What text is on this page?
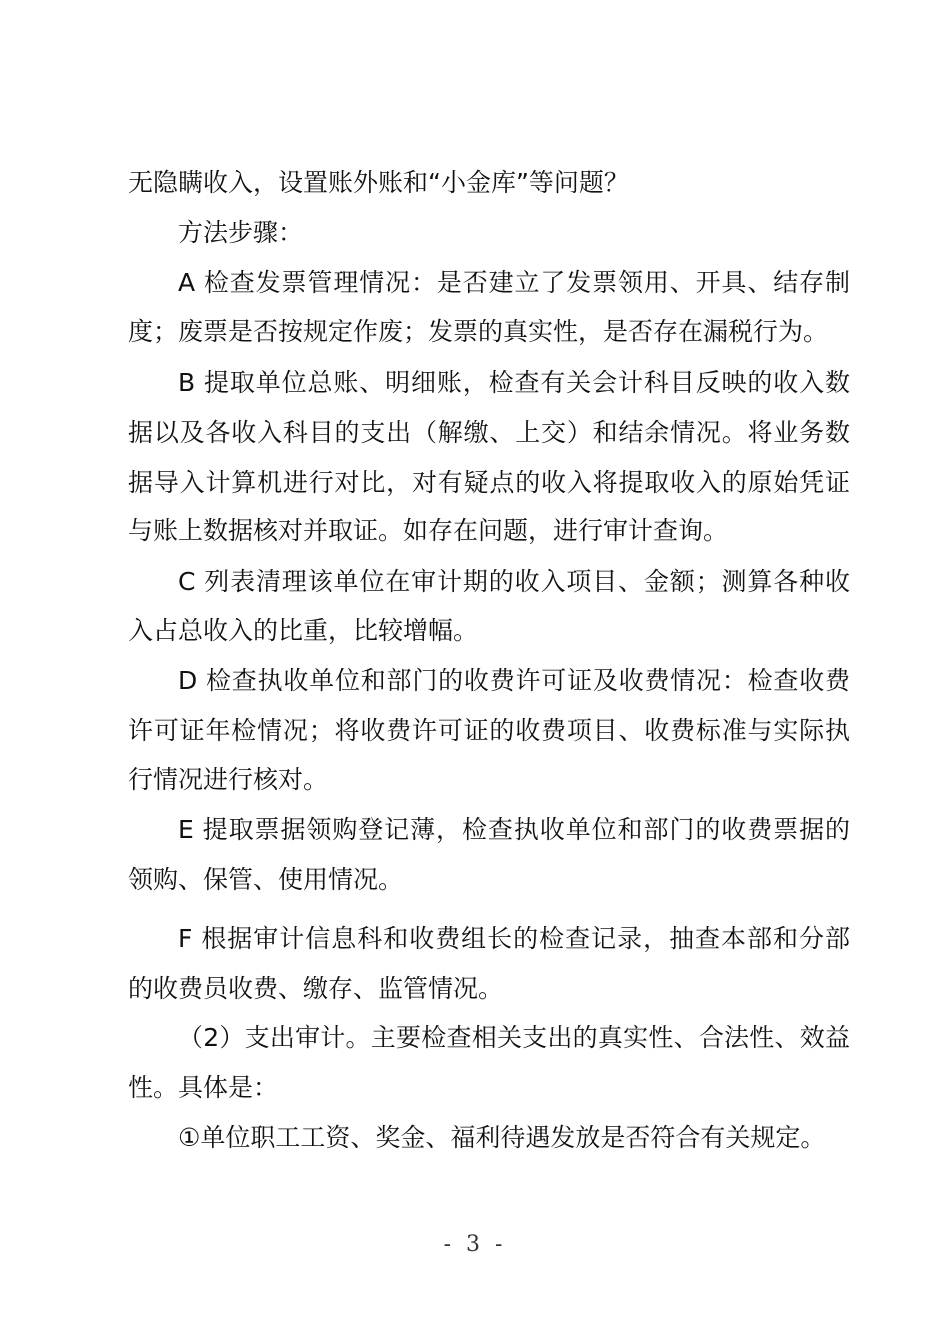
无隐瞒收入，设置账外账和“小金库”等问题？
方法步骤：
A 检查发票管理情况：是否建立了发票领用、开具、结存制
度；废票是否按规定作废；发票的真实性，是否存在漏税行为。
B 提取单位总账、明细账，检查有关会计科目反映的收入数
据以及各收入科目的支出（解缴、上交）和结余情况。将业务数
据导入计算机进行对比，对有疑点的收入将提取收入的原始凭证
与账上数据核对并取证。如存在问题，进行审计查询。
C 列表清理该单位在审计期的收入项目、金额；测算各种收
入占总收入的比重，比较增幅。
D 检查执收单位和部门的收费许可证及收费情况：检查收费
许可证年检情况；将收费许可证的收费项目、收费标准与实际执
行情况进行核对。
E 提取票据领购登记薄，检查执收单位和部门的收费票据的
领购、保管、使用情况。
F 根据审计信息科和收费组长的检查记录，抽查本部和分部
的收费员收费、缴存、监管情况。
（2）支出审计。主要检查相关支出的真实性、合法性、效益
性。具体是：
①单位职工工资、奖金、福利待遇发放是否符合有关规定。
- 3 -
